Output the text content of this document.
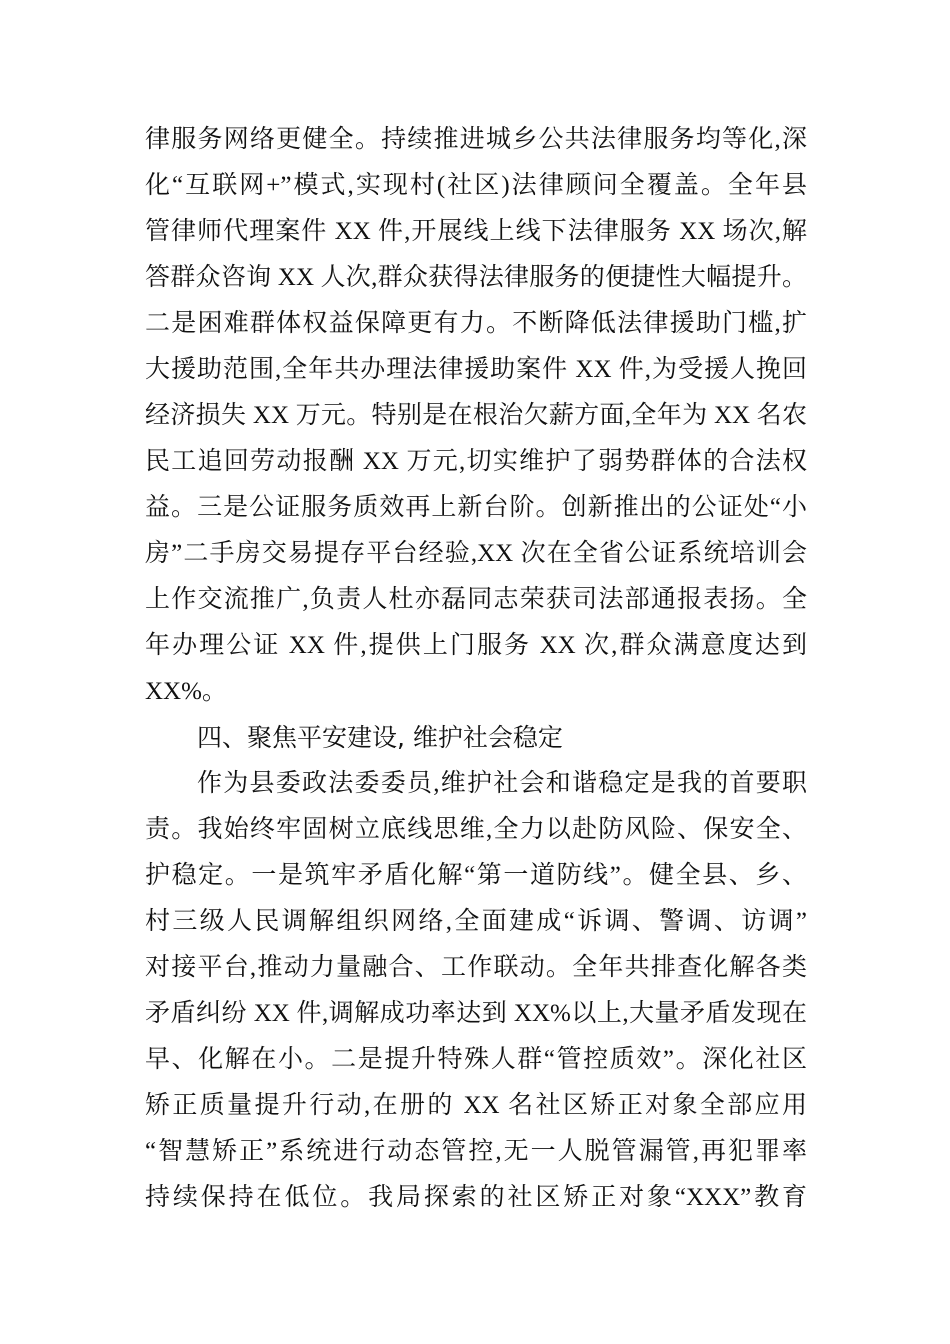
律服务网络更健全。持续推进城乡公共法律服务均等化,深
化“互联网+”模式,实现村(社区)法律顾问全覆盖。全年县
管律师代理案件 XX 件,开展线上线下法律服务 XX 场次,解
答群众咨询 XX 人次,群众获得法律服务的便捷性大幅提升。
二是困难群体权益保障更有力。不断降低法律援助门槛,扩
大援助范围,全年共办理法律援助案件 XX 件,为受援人挽回
经济损失 XX 万元。特别是在根治欠薪方面,全年为 XX 名农
民工追回劳动报酬 XX 万元,切实维护了弱势群体的合法权
益。三是公证服务质效再上新台阶。创新推出的公证处“小
房”二手房交易提存平台经验,XX 次在全省公证系统培训会
上作交流推广,负责人杜亦磊同志荣获司法部通报表扬。全
年办理公证 XX 件,提供上门服务 XX 次,群众满意度达到
XX%。
四、聚焦平安建设, 维护社会稳定
作为县委政法委委员,维护社会和谐稳定是我的首要职
责。我始终牢固树立底线思维,全力以赴防风险、保安全、
护稳定。一是筑牢矛盾化解“第一道防线”。健全县、乡、
村三级人民调解组织网络,全面建成“诉调、警调、访调”
对接平台,推动力量融合、工作联动。全年共排查化解各类
矛盾纠纷 XX 件,调解成功率达到 XX%以上,大量矛盾发现在
早、化解在小。二是提升特殊人群“管控质效”。深化社区
矫正质量提升行动,在册的 XX 名社区矫正对象全部应用
“智慧矫正”系统进行动态管控,无一人脱管漏管,再犯罪率
持续保持在低位。我局探索的社区矫正对象“XXX”教育
